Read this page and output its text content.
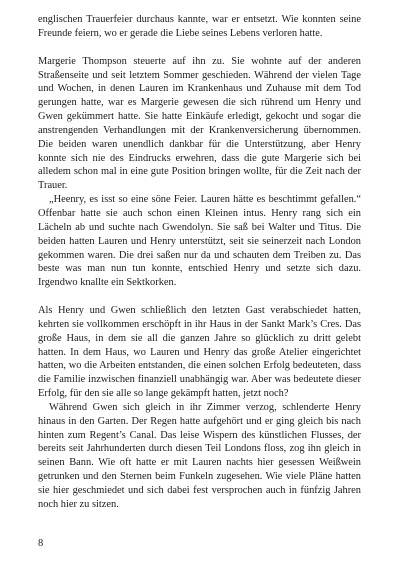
englischen Trauerfeier durchaus kannte, war er entsetzt. Wie konnten seine Freunde feiern, wo er gerade die Liebe seines Lebens verloren hatte.

Margerie Thompson steuerte auf ihn zu. Sie wohnte auf der anderen Straßenseite und seit letztem Sommer geschieden. Während der vielen Tage und Wochen, in denen Lauren im Krankenhaus und Zuhause mit dem Tod gerungen hatte, war es Margerie gewesen die sich rührend um Henry und Gwen gekümmert hatte. Sie hatte Einkäufe erledigt, gekocht und sogar die anstrengenden Verhandlungen mit der Krankenversicherung übernommen. Die beiden waren unendlich dankbar für die Unterstützung, aber Henry konnte sich nie des Eindrucks erwehren, dass die gute Margerie sich bei alledem schon mal in eine gute Position bringen wollte, für die Zeit nach der Trauer.

„Heenry, es isst so eine söne Feier. Lauren hätte es beschtimmt gefallen.“ Offenbar hatte sie auch schon einen Kleinen intus. Henry rang sich ein Lächeln ab und suchte nach Gwendolyn. Sie saß bei Walter und Titus. Die beiden hatten Lauren und Henry unterstützt, seit sie seinerzeit nach London gekommen waren. Die drei saßen nur da und schauten dem Treiben zu. Das beste was man nun tun konnte, entschied Henry und setzte sich dazu. Irgendwo knallte ein Sektkorken.

Als Henry und Gwen schließlich den letzten Gast verabschiedet hatten, kehrten sie vollkommen erschöpft in ihr Haus in der Sankt Mark’s Cres. Das große Haus, in dem sie all die ganzen Jahre so glücklich zu dritt gelebt hatten. In dem Haus, wo Lauren und Henry das große Atelier eingerichtet hatten, wo die Arbeiten entstanden, die einen solchen Erfolg bedeuteten, dass die Familie inzwischen finanziell unabhängig war. Aber was bedeutete dieser Erfolg, für den sie alle so lange gekämpft hatten, jetzt noch?

Während Gwen sich gleich in ihr Zimmer verzog, schlenderte Henry hinaus in den Garten. Der Regen hatte aufgehört und er ging gleich bis nach hinten zum Regent’s Canal. Das leise Wispern des künstlichen Flusses, der bereits seit Jahrhunderten durch diesen Teil Londons floss, zog ihn gleich in seinen Bann. Wie oft hatte er mit Lauren nachts hier gesessen Weißwein getrunken und den Sternen beim Funkeln zugesehen. Wie viele Pläne hatten sie hier geschmiedet und sich dabei fest versprochen auch in fünfzig Jahren noch hier zu sitzen.

8
